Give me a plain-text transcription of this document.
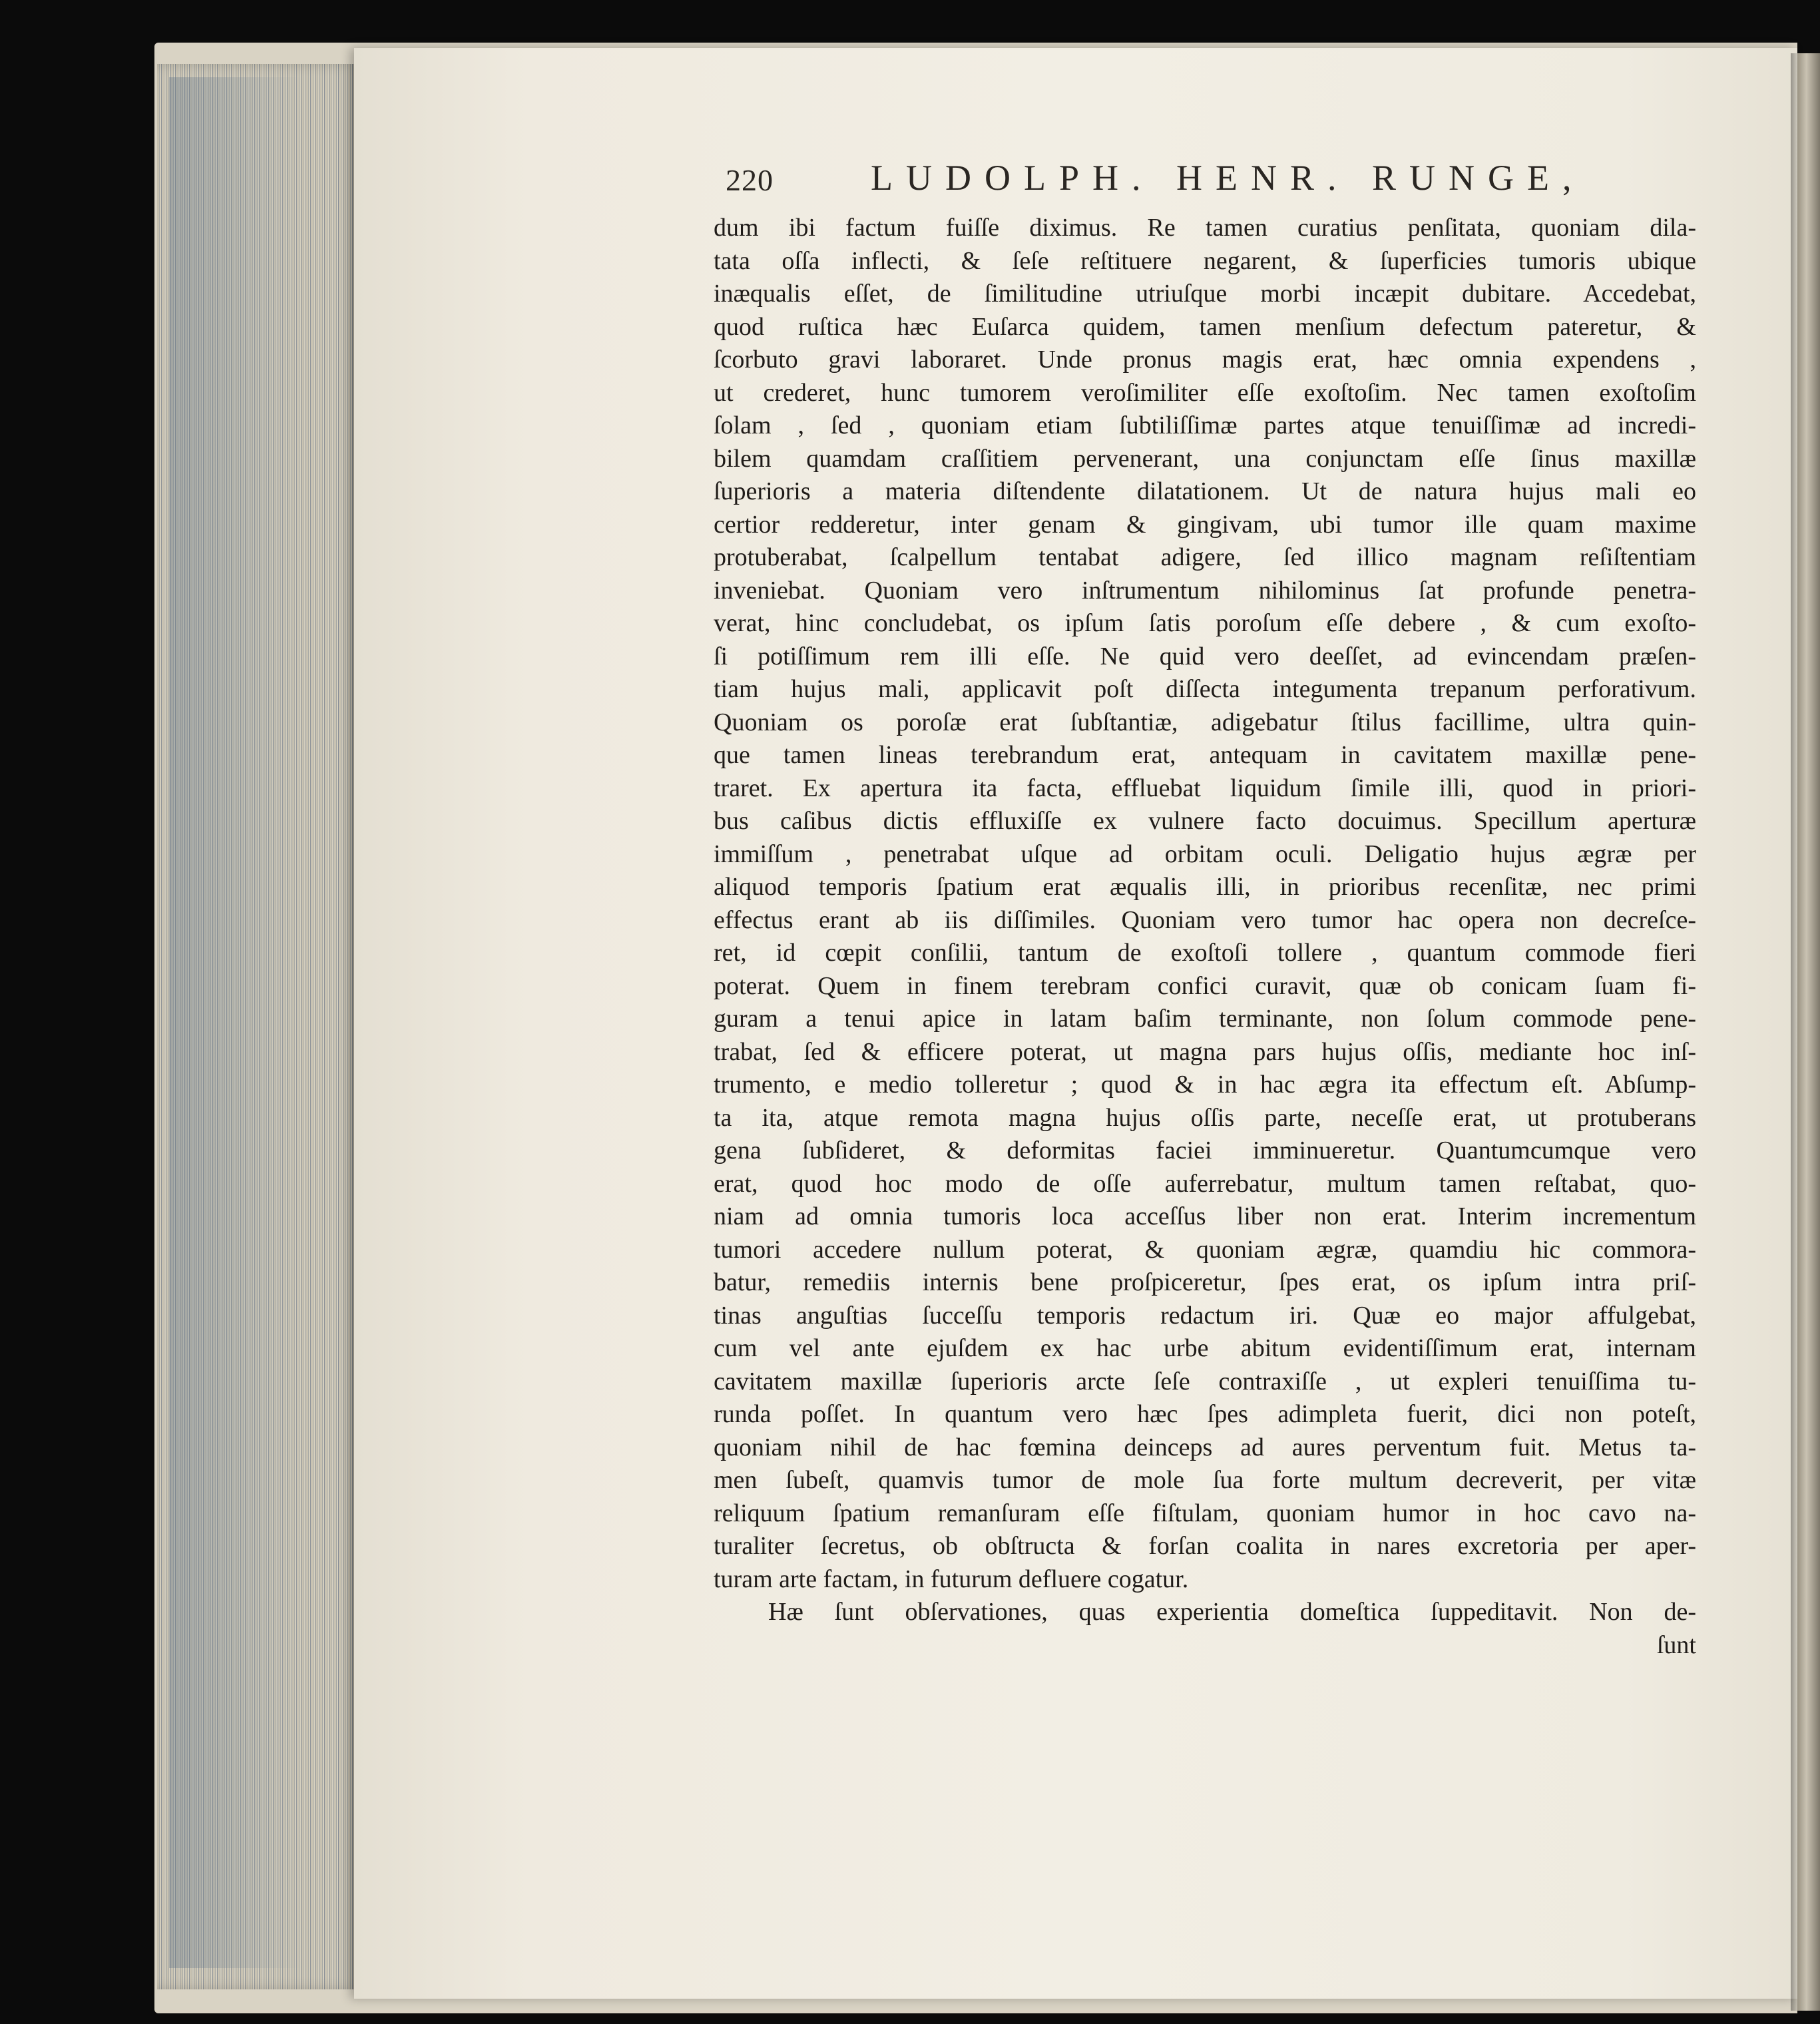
220	LUDOLPH. HENR. RUNGE,
dum ibi factum fuiſſe diximus. Re tamen curatius penſitata, quoniam dila-
tata oſſa inflecti, & ſeſe reſtituere negarent, & ſuperficies tumoris ubique
inæqualis eſſet, de ſimilitudine utriuſque morbi incæpit dubitare. Accedebat,
quod ruſtica hæc Euſarca quidem, tamen menſium defectum pateretur, &
ſcorbuto gravi laboraret. Unde pronus magis erat, hæc omnia expendens ,
ut crederet, hunc tumorem veroſimiliter eſſe exoſtoſim. Nec tamen exoſtoſim
ſolam , ſed , quoniam etiam ſubtiliſſimæ partes atque tenuiſſimæ ad incredi-
bilem quamdam craſſitiem pervenerant, una conjunctam eſſe ſinus maxillæ
ſuperioris a materia diſtendente dilatationem. Ut de natura hujus mali eo
certior redderetur, inter genam & gingivam, ubi tumor ille quam maxime
protuberabat, ſcalpellum tentabat adigere, ſed illico magnam reſiſtentiam
inveniebat. Quoniam vero inſtrumentum nihilominus ſat profunde penetra-
verat, hinc concludebat, os ipſum ſatis poroſum eſſe debere , & cum exoſto-
ſi potiſſimum rem illi eſſe. Ne quid vero deeſſet, ad evincendam præſen-
tiam hujus mali, applicavit poſt diſſecta integumenta trepanum perforativum.
Quoniam os poroſæ erat ſubſtantiæ, adigebatur ſtilus facillime, ultra quin-
que tamen lineas terebrandum erat, antequam in cavitatem maxillæ pene-
traret. Ex apertura ita facta, effluebat liquidum ſimile illi, quod in priori-
bus caſibus dictis effluxiſſe ex vulnere facto docuimus. Specillum aperturæ
immiſſum , penetrabat uſque ad orbitam oculi. Deligatio hujus ægræ per
aliquod temporis ſpatium erat æqualis illi, in prioribus recenſitæ, nec primi
effectus erant ab iis diſſimiles. Quoniam vero tumor hac opera non decreſce-
ret, id cœpit conſilii, tantum de exoſtoſi tollere , quantum commode fieri
poterat. Quem in finem terebram confici curavit, quæ ob conicam ſuam fi-
guram a tenui apice in latam baſim terminante, non ſolum commode pene-
trabat, ſed & efficere poterat, ut magna pars hujus oſſis, mediante hoc inſ-
trumento, e medio tolleretur ; quod & in hac ægra ita effectum eſt. Abſump-
ta ita, atque remota magna hujus oſſis parte, neceſſe erat, ut protuberans
gena ſubſideret, & deformitas faciei imminueretur. Quantumcumque vero
erat, quod hoc modo de oſſe auferrebatur, multum tamen reſtabat, quo-
niam ad omnia tumoris loca acceſſus liber non erat. Interim incrementum
tumori accedere nullum poterat, & quoniam ægræ, quamdiu hic commora-
batur, remediis internis bene proſpiceretur, ſpes erat, os ipſum intra priſ-
tinas anguſtias ſucceſſu temporis redactum iri. Quæ eo major affulgebat,
cum vel ante ejuſdem ex hac urbe abitum evidentiſſimum erat, internam
cavitatem maxillæ ſuperioris arcte ſeſe contraxiſſe , ut expleri tenuiſſima tu-
runda poſſet. In quantum vero hæc ſpes adimpleta fuerit, dici non poteſt,
quoniam nihil de hac fœmina deinceps ad aures perventum fuit. Metus ta-
men ſubeſt, quamvis tumor de mole ſua forte multum decreverit, per vitæ
reliquum ſpatium remanſuram eſſe fiſtulam, quoniam humor in hoc cavo na-
turaliter ſecretus, ob obſtructa & forſan coalita in nares excretoria per aper-
turam arte factam, in futurum defluere cogatur.
Hæ ſunt obſervationes, quas experientia domeſtica ſuppeditavit. Non de-
ſunt
